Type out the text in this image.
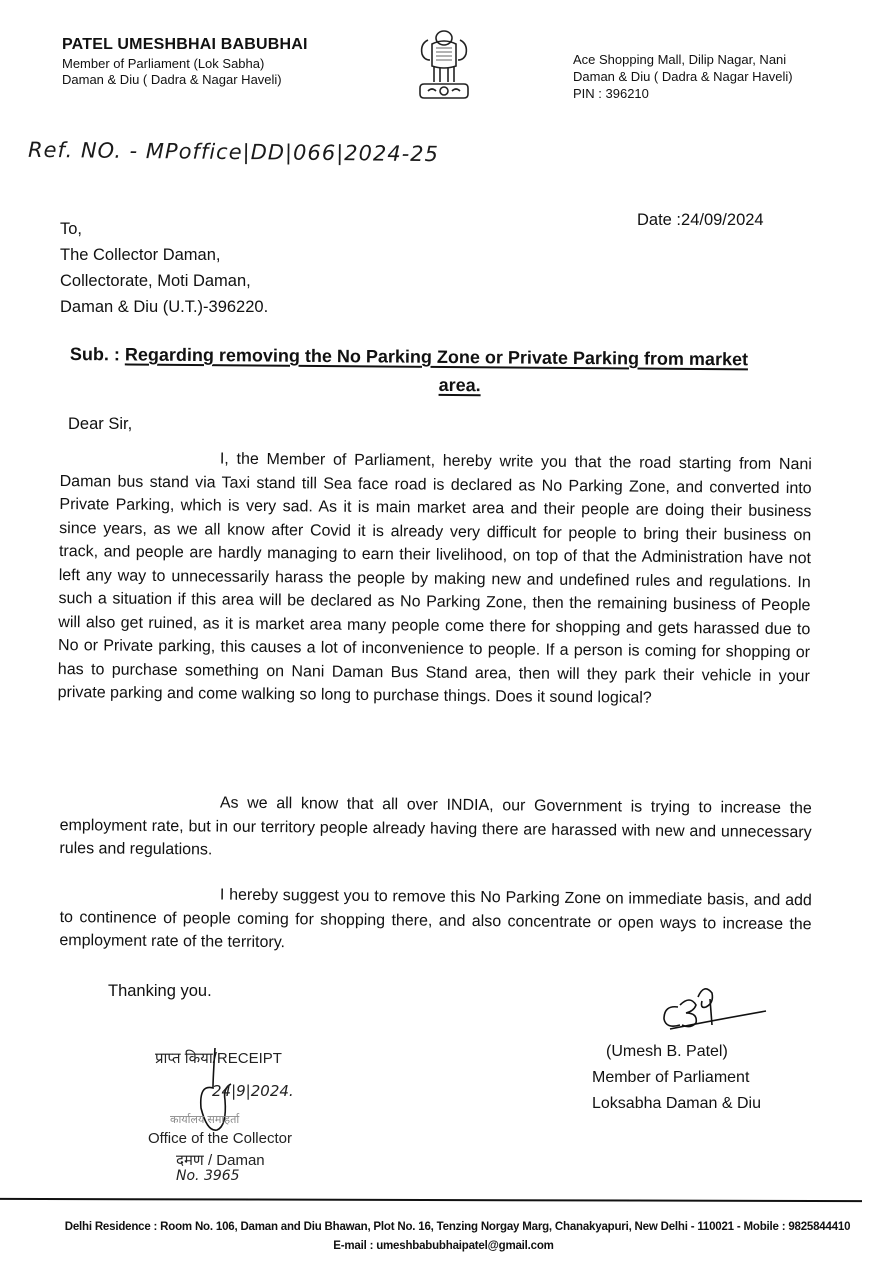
PATEL UMESHBHAI BABUBHAI
Member of Parliament (Lok Sabha)
Daman & Diu ( Dadra & Nagar Haveli)
Ace Shopping Mall, Dilip Nagar, Nani
Daman & Diu ( Dadra & Nagar Haveli)
PIN : 396210
Ref. NO. - MPoffice|DD|066|2024-25
Date :24/09/2024
To,
The Collector Daman,
Collectorate, Moti Daman,
Daman & Diu (U.T.)-396220.
Sub. : Regarding removing the No Parking Zone or Private Parking from market
area.
Dear Sir,
I, the Member of Parliament, hereby write you that the road starting from Nani Daman bus stand via Taxi stand till Sea face road is declared as No Parking Zone, and converted into Private Parking, which is very sad. As it is main market area and their people are doing their business since years, as we all know after Covid it is already very difficult for people to bring their business on track, and people are hardly managing to earn their livelihood, on top of that the Administration have not left any way to unnecessarily harass the people by making new and undefined rules and regulations. In such a situation if this area will be declared as No Parking Zone, then the remaining business of People will also get ruined, as it is market area many people come there for shopping and gets harassed due to No or Private parking, this causes a lot of inconvenience to people. If a person is coming for shopping or has to purchase something on Nani Daman Bus Stand area, then will they park their vehicle in your private parking and come walking so long to purchase things. Does it sound logical?
As we all know that all over INDIA, our Government is trying to increase the employment rate, but in our territory people already having there are harassed with new and unnecessary rules and regulations.
I hereby suggest you to remove this No Parking Zone on immediate basis, and add to continence of people coming for shopping there, and also concentrate or open ways to increase the employment rate of the territory.
Thanking you.
(Umesh B. Patel)
Member of Parliament
Loksabha Daman & Diu
प्राप्त किया/RECEIPT
24|9|2024.
कार्यालय समाहर्ता
Office of the Collector
दमण / Daman
No. 3965
Delhi Residence : Room No. 106, Daman and Diu Bhawan, Plot No. 16, Tenzing Norgay Marg, Chanakyapuri, New Delhi - 110021 - Mobile : 9825844410
E-mail : umeshbabubhaipatel@gmail.com
